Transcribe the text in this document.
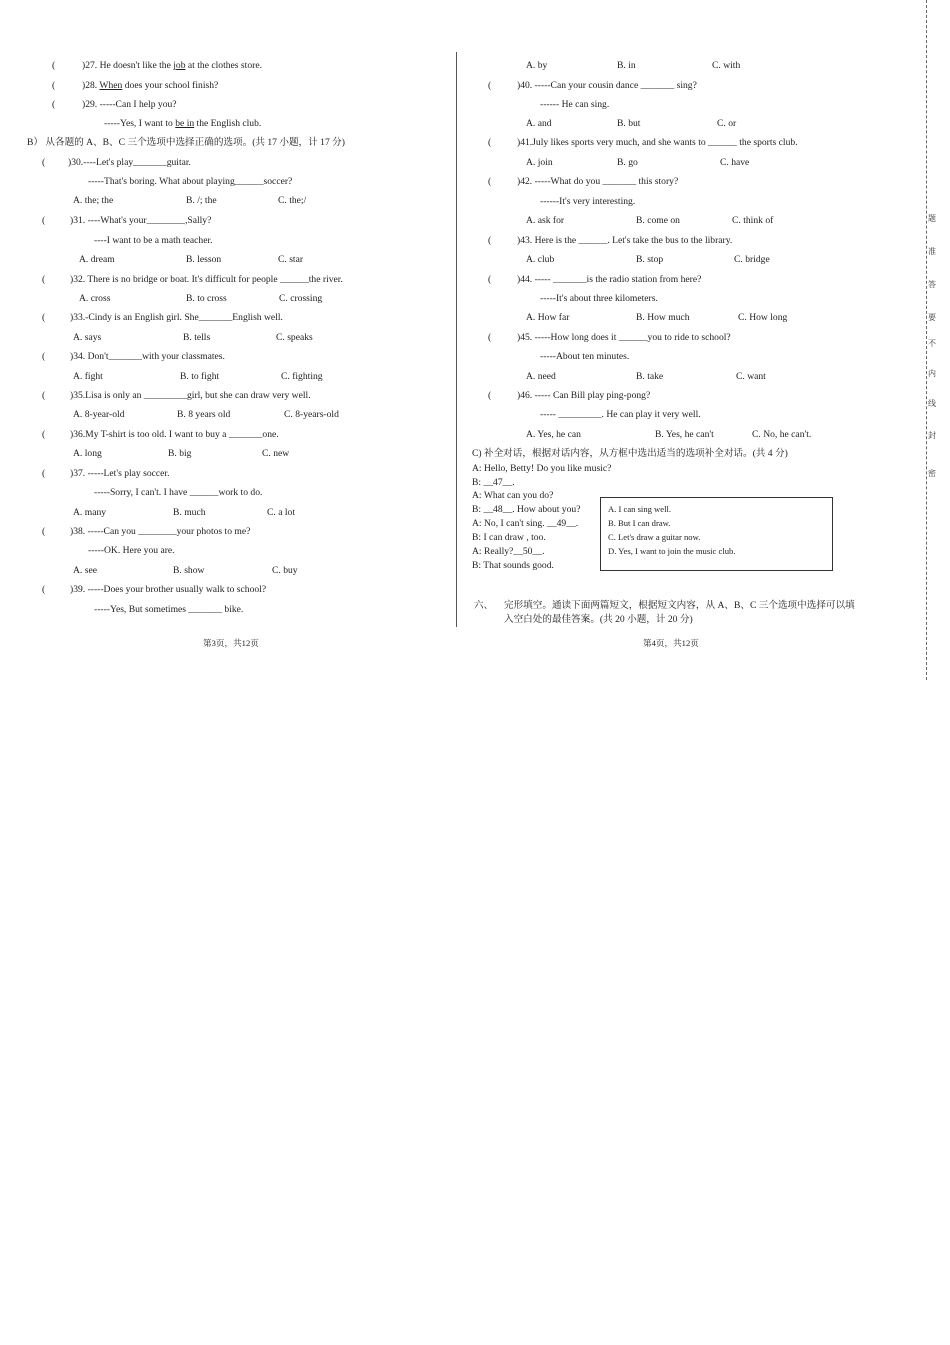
(	)27. He doesn't like the job at the clothes store.
(	)28. When does your school finish?
(	)29. -----Can I help you?
-----Yes, I want to be in the English club.
B） 从各题的 A、B、C 三个选项中选择正确的选项。(共 17 小题，计 17 分)
( )30.----Let's play_______guitar.
-----That's boring. What about playing______soccer?
A. the; the	B. /; the	C. the;/
(	)31. ----What's your________,Sally?
----I want to be a math teacher.
A. dream	B. lesson	C. star
(	)32. There is no bridge or boat. It's difficult for people ______the river.
A. cross	B. to cross	C. crossing
(	)33.-Cindy is an English girl. She_______English well.
A. says	B. tells	C. speaks
(	)34. Don't_______with your classmates.
A. fight	B. to fight	C. fighting
(	)35.Lisa is only an _________girl, but she can draw very well.
A. 8-year-old	B. 8 years old	C. 8-years-old
(	)36.My T-shirt is too old. I want to buy a _______one.
A. long	B. big	C. new
(	)37. -----Let's play soccer.
-----Sorry, I can't. I have ______work to do.
A. many	B. much	C. a lot
(	)38. -----Can you ________your photos to me?
-----OK. Here you are.
A. see	B. show	C. buy
(	)39. -----Does your brother usually walk to school?
-----Yes, But sometimes _______ bike.
第3页，共12页
A. by	B. in	C. with
(	)40. -----Can your cousin dance _______ sing?
------ He can sing.
A. and	B. but	C. or
(	)41.July likes sports very much, and she wants to ______ the sports club.
A. join	B. go	C. have
(	)42. -----What do you _______ this story?
------It's very interesting.
A. ask for	B. come on	C. think of
(	)43. Here is the ______. Let's take the bus to the library.
A. club	B. stop	C. bridge
(	)44. ----- _______is the radio station from here?
-----It's about three kilometers.
A. How far	B. How much	C. How long
(	)45. -----How long does it ______you to ride to school?
-----About ten minutes.
A. need	B. take	C. want
(	)46. ----- Can Bill play ping-pong?
----- _________. He can play it very well.
A. Yes, he can	B. Yes, he can't	C. No, he can't.
C) 补全对话，根据对话内容，从方框中选出适当的选项补全对话。(共 4 分)
A: Hello, Betty! Do you like music?
B: __47__.
A: What can you do?
B: __48__. How about you?
A: No, I can't sing. __49__.
B: I can draw , too.
A: Really?__50__.
B: That sounds good.
A. I can sing well.
B. But I can draw.
C. Let's draw a guitar now.
D. Yes, I want to join the music club.
六、 完形填空。通读下面两篇短文，根据短文内容，从 A、B、C 三个选项中选择可以填
入空白处的最佳答案。(共 20 小题，计 20 分)
第4页，共12页
题
准
答
要
不
内
线
封
密
